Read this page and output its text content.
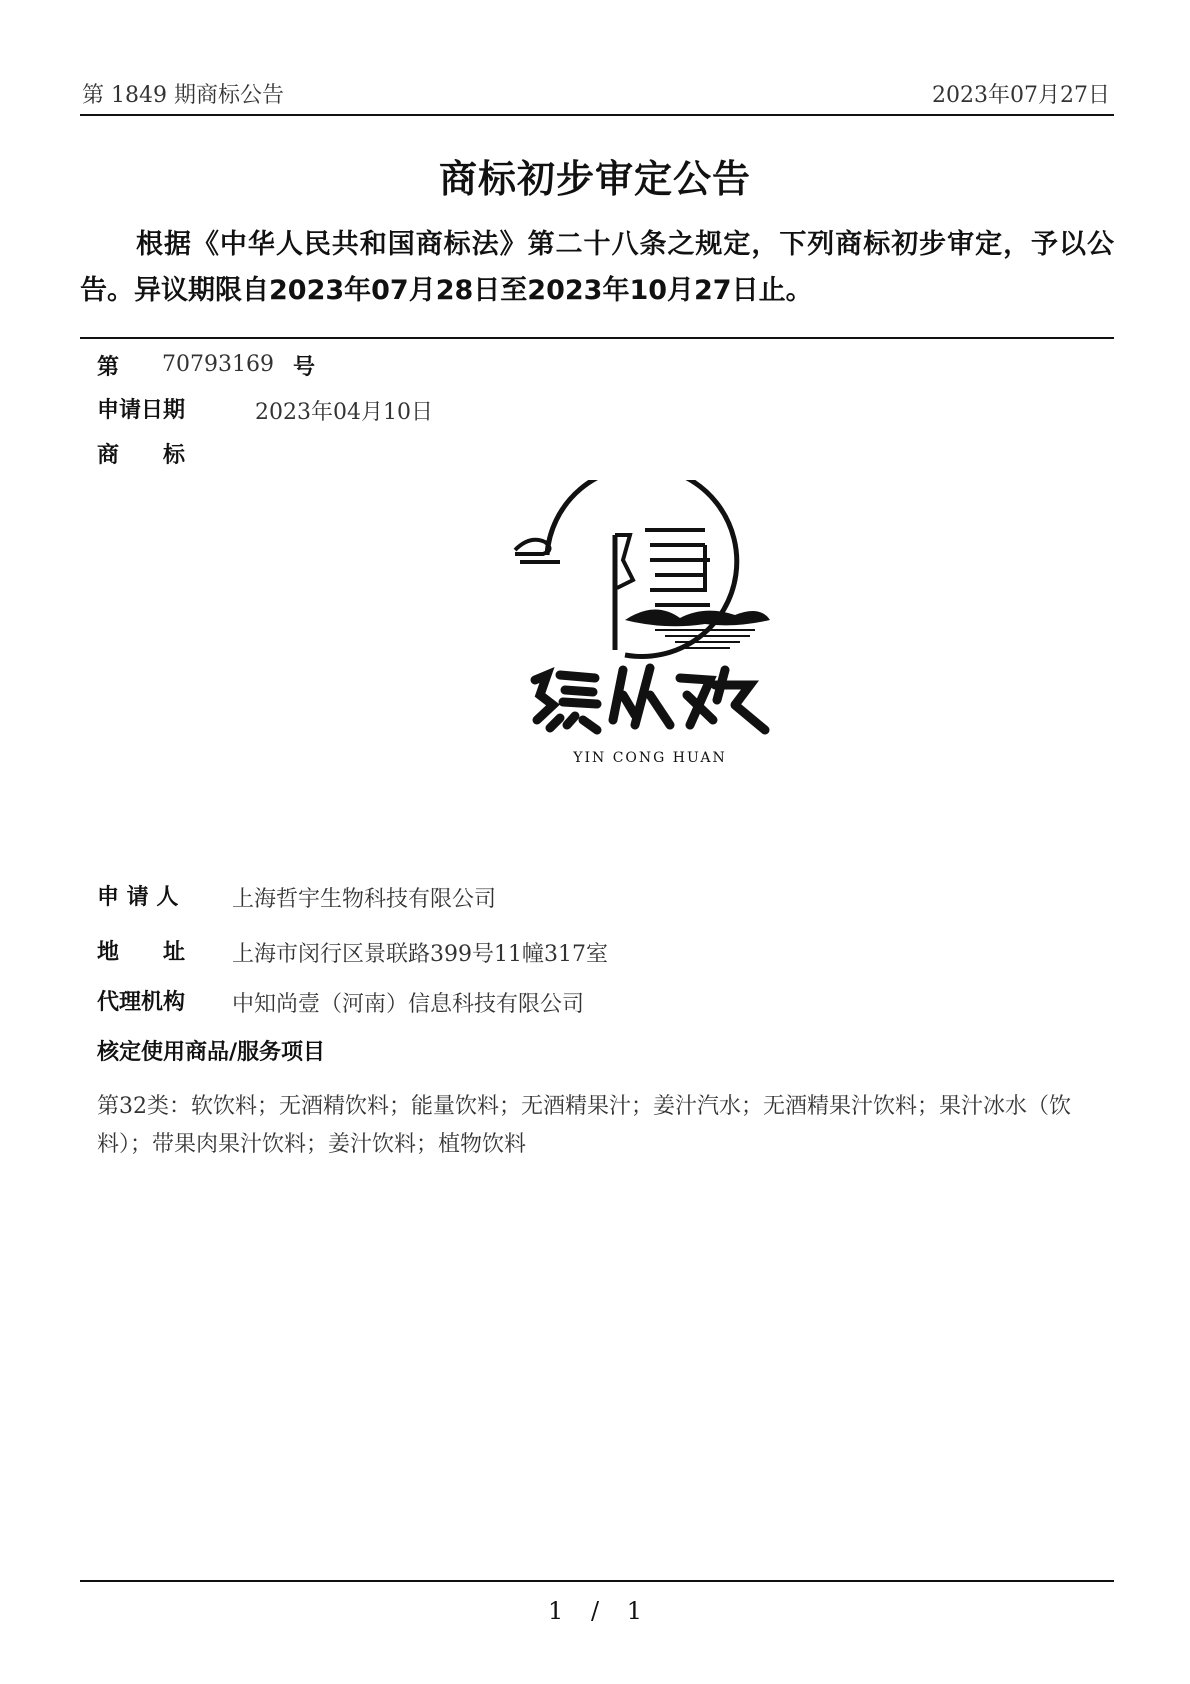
第 1849 期商标公告	2023年07月27日
商标初步审定公告
根据《中华人民共和国商标法》第二十八条之规定，下列商标初步审定，予以公告。异议期限自2023年07月28日至2023年10月27日止。
第 70793169 号
申请日期	2023年04月10日
商　　标
YIN CONG HUAN
申 请 人 上海哲宇生物科技有限公司
地　　址 上海市闵行区景联路399号11幢317室
代理机构 中知尚壹（河南）信息科技有限公司
核定使用商品/服务项目
第32类：软饮料；无酒精饮料；能量饮料；无酒精果汁；姜汁汽水；无酒精果汁饮料；果汁冰水（饮料）；带果肉果汁饮料；姜汁饮料；植物饮料
1 / 1
